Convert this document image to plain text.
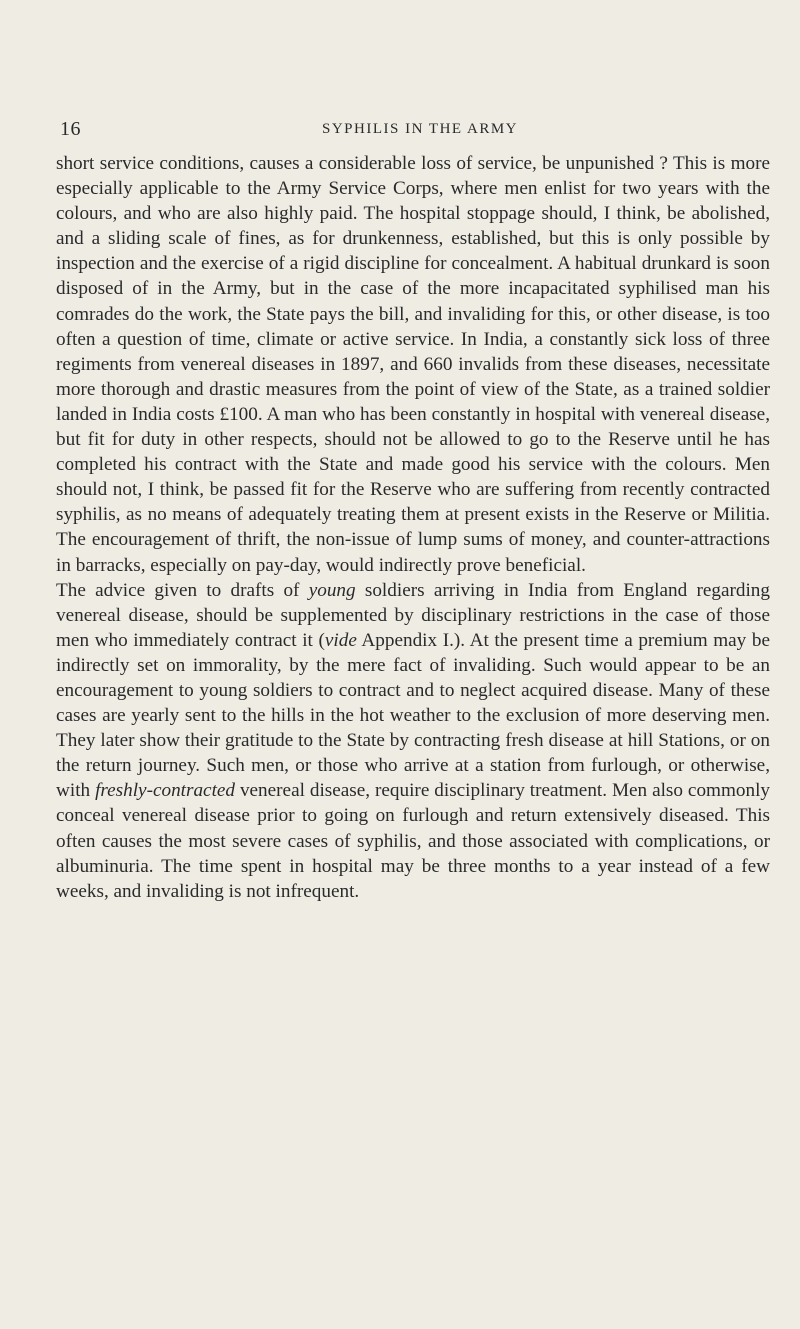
16	SYPHILIS IN THE ARMY

short service conditions, causes a considerable loss of service, be unpunished ? This is more especially applicable to the Army Service Corps, where men enlist for two years with the colours, and who are also highly paid. The hospital stoppage should, I think, be abolished, and a sliding scale of fines, as for drunkenness, established, but this is only possible by inspection and the exercise of a rigid discipline for concealment. A habitual drunkard is soon disposed of in the Army, but in the case of the more incapacitated syphilised man his comrades do the work, the State pays the bill, and invaliding for this, or other disease, is too often a question of time, climate or active service. In India, a constantly sick loss of three regiments from venereal diseases in 1897, and 660 invalids from these diseases, necessitate more thorough and drastic measures from the point of view of the State, as a trained soldier landed in India costs £100. A man who has been constantly in hospital with venereal disease, but fit for duty in other respects, should not be allowed to go to the Reserve until he has completed his contract with the State and made good his service with the colours. Men should not, I think, be passed fit for the Reserve who are suffering from recently contracted syphilis, as no means of adequately treating them at present exists in the Reserve or Militia. The encouragement of thrift, the non-issue of lump sums of money, and counter-attractions in barracks, especially on pay-day, would indirectly prove beneficial.

The advice given to drafts of young soldiers arriving in India from England regarding venereal disease, should be supplemented by disciplinary restrictions in the case of those men who immediately contract it (vide Appendix I.). At the present time a premium may be indirectly set on immorality, by the mere fact of invaliding. Such would appear to be an encouragement to young soldiers to contract and to neglect acquired disease. Many of these cases are yearly sent to the hills in the hot weather to the exclusion of more deserving men. They later show their gratitude to the State by contracting fresh disease at hill Stations, or on the return journey. Such men, or those who arrive at a station from furlough, or otherwise, with freshly-contracted venereal disease, require disciplinary treatment. Men also commonly conceal venereal disease prior to going on furlough and return extensively diseased. This often causes the most severe cases of syphilis, and those associated with complications, or albuminuria. The time spent in hospital may be three months to a year instead of a few weeks, and invaliding is not infrequent.
